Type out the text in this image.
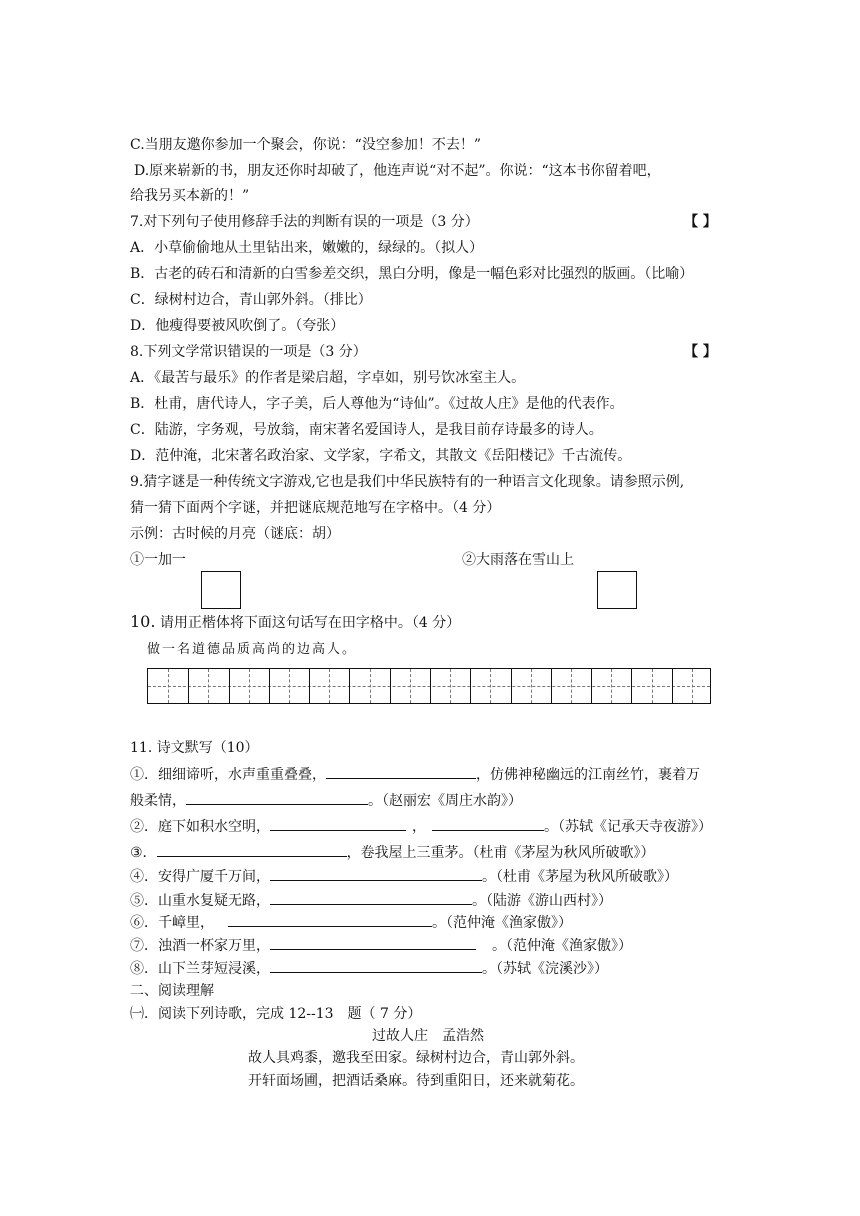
C.当朋友邀你参加一个聚会，你说：“没空参加！不去！”
D.原来崭新的书，朋友还你时却破了，他连声说“对不起”。你说：“这本书你留着吧，
给我另买本新的！”
7.对下列句子使用修辞手法的判断有误的一项是（3 分）	【 】
A．小草偷偷地从土里钻出来，嫩嫩的，绿绿的。（拟人）
B．古老的砖石和清新的白雪参差交织，黑白分明，像是一幅色彩对比强烈的版画。（比喻）
C．绿树村边合，青山郭外斜。（排比）
D．他瘦得要被风吹倒了。（夸张）
8.下列文学常识错误的一项是（3 分）	【 】
A．《最苦与最乐》的作者是梁启超，字卓如，别号饮冰室主人。
B．杜甫，唐代诗人，字子美，后人尊他为“诗仙”。《过故人庄》是他的代表作。
C．陆游，字务观，号放翁，南宋著名爱国诗人，是我目前存诗最多的诗人。
D．范仲淹，北宋著名政治家、文学家，字希文，其散文《岳阳楼记》千古流传。
9.猜字谜是一种传统文字游戏,它也是我们中华民族特有的一种语言文化现象。请参照示例,
猜一猜下面两个字谜，并把谜底规范地写在字格中。（4 分）
示例：古时候的月亮（谜底：胡）
①一加一	②大雨落在雪山上
10. 请用正楷体将下面这句话写在田字格中。（4 分）
做一名道德品质高尚的边高人。
11. 诗文默写（10）
①．细细谛听，水声重重叠叠，	，仿佛神秘幽远的江南丝竹，裹着万
般柔情，	。（赵丽宏《周庄水韵》）
②．庭下如积水空明，	，	。（苏轼《记承天寺夜游》）
③．	，卷我屋上三重茅。（杜甫《茅屋为秋风所破歌》）
④．安得广厦千万间，	。（杜甫《茅屋为秋风所破歌》）
⑤．山重水复疑无路，	。（陆游《游山西村》）
⑥．千嶂里，	。（范仲淹《渔家傲》）
⑦．浊酒一杯家万里，	。（范仲淹《渔家傲》）
⑧．山下兰芽短浸溪，	。（苏轼《浣溪沙》）
二、阅读理解
㈠．阅读下列诗歌，完成 12--13　题（ 7 分）
过故人庄　孟浩然
故人具鸡黍，邀我至田家。绿树村边合，青山郭外斜。
开轩面场圃，把酒话桑麻。待到重阳日，还来就菊花。
